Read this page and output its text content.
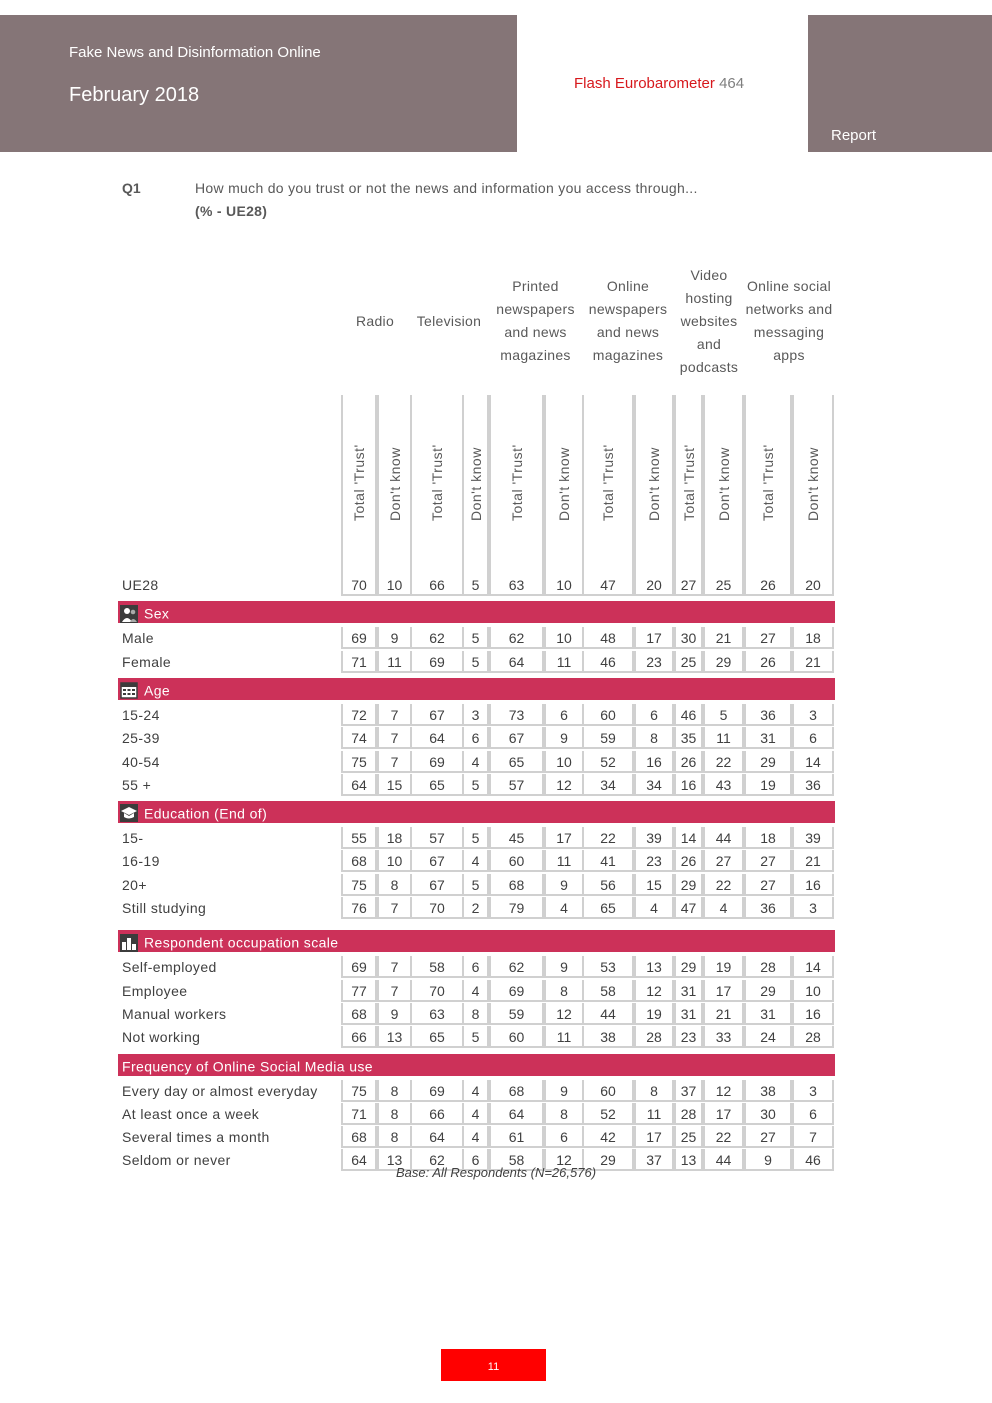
Fake News and Disinformation Online
February 2018
Flash Eurobarometer 464
Report
Q1	How much do you trust or not the news and information you access through...
(% - UE28)
Radio	Television
Printed newspapers and news magazines
Online newspapers and news magazines
Video hosting websites and podcasts
Online social networks and messaging apps
Total 'Trust' Don't know Total 'Trust' Don't know Total 'Trust' Don't know Total 'Trust' Don't know Total 'Trust' Don't know Total 'Trust' Don't know
UE28	70	10	66	5	63	10	47	20	27	25	26	20
Sex
Male	69	9	62	5	62	10	48	17	30	21	27	18
Female	71	11	69	5	64	11	46	23	25	29	26	21
Age
15-24	72	7	67	3	73	6	60	6	46	5	36	3
25-39	74	7	64	6	67	9	59	8	35	11	31	6
40-54	75	7	69	4	65	10	52	16	26	22	29	14
55 +	64	15	65	5	57	12	34	34	16	43	19	36
Education (End of)
15-	55	18	57	5	45	17	22	39	14	44	18	39
16-19	68	10	67	4	60	11	41	23	26	27	27	21
20+	75	8	67	5	68	9	56	15	29	22	27	16
Still studying	76	7	70	2	79	4	65	4	47	4	36	3
Respondent occupation scale
Self-employed	69	7	58	6	62	9	53	13	29	19	28	14
Employee	77	7	70	4	69	8	58	12	31	17	29	10
Manual workers	68	9	63	8	59	12	44	19	31	21	31	16
Not working	66	13	65	5	60	11	38	28	23	33	24	28
Frequency of Online Social Media use
Every day or almost everyday	75	8	69	4	68	9	60	8	37	12	38	3
At least once a week	71	8	66	4	64	8	52	11	28	17	30	6
Several times a month	68	8	64	4	61	6	42	17	25	22	27	7
Seldom or never	64	13	62	6	58	12	29	37	13	44	9	46
Base: All Respondents (N=26,576)
11
